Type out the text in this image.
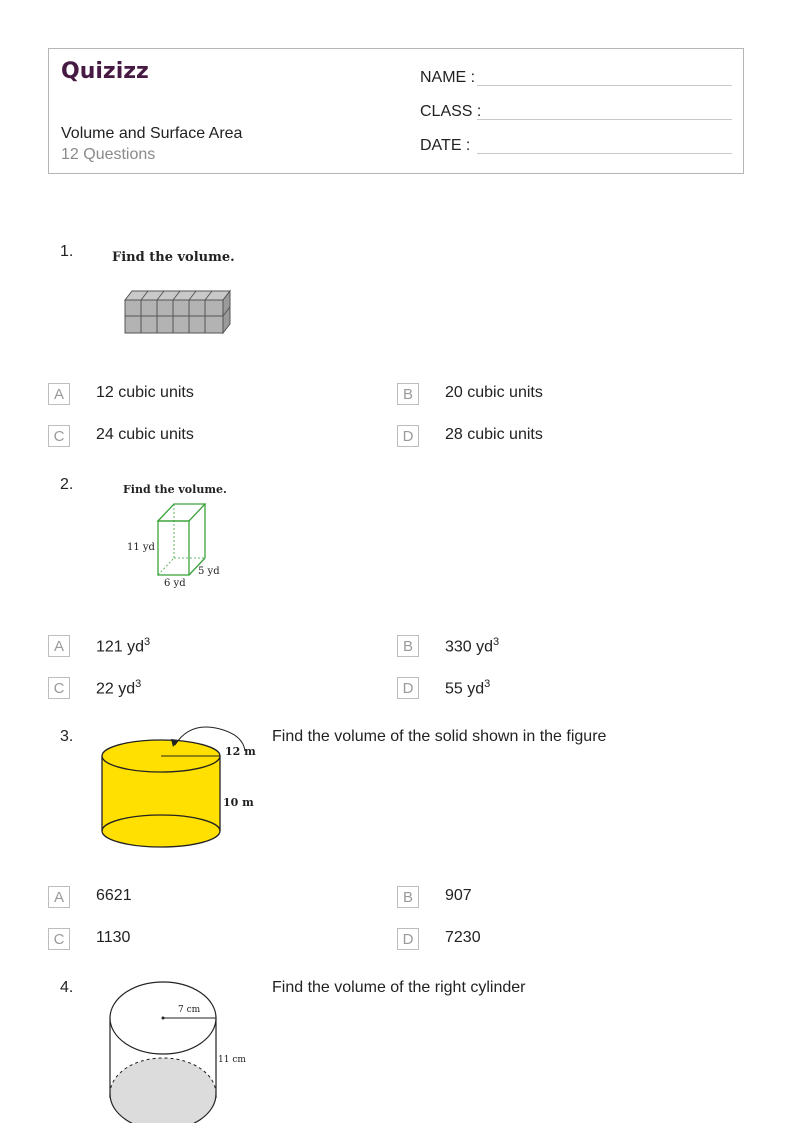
Quizizz
Volume and Surface Area
12 Questions
NAME :
CLASS :
DATE :
1.	Find the volume.
A	12 cubic units	B	20 cubic units
C	24 cubic units	D	28 cubic units
2.	Find the volume.
11 yd
6 yd
5 yd
A	121 $yd^3$	B	330 $yd^3$
C	22 $yd^3$	D	55 $yd^3$
3.
12 m
10 m
Find the volume of the solid shown in the figure
A	6621	B	907
C	1130	D	7230
4.
7 cm
11 cm
Find the volume of the right cylinder
